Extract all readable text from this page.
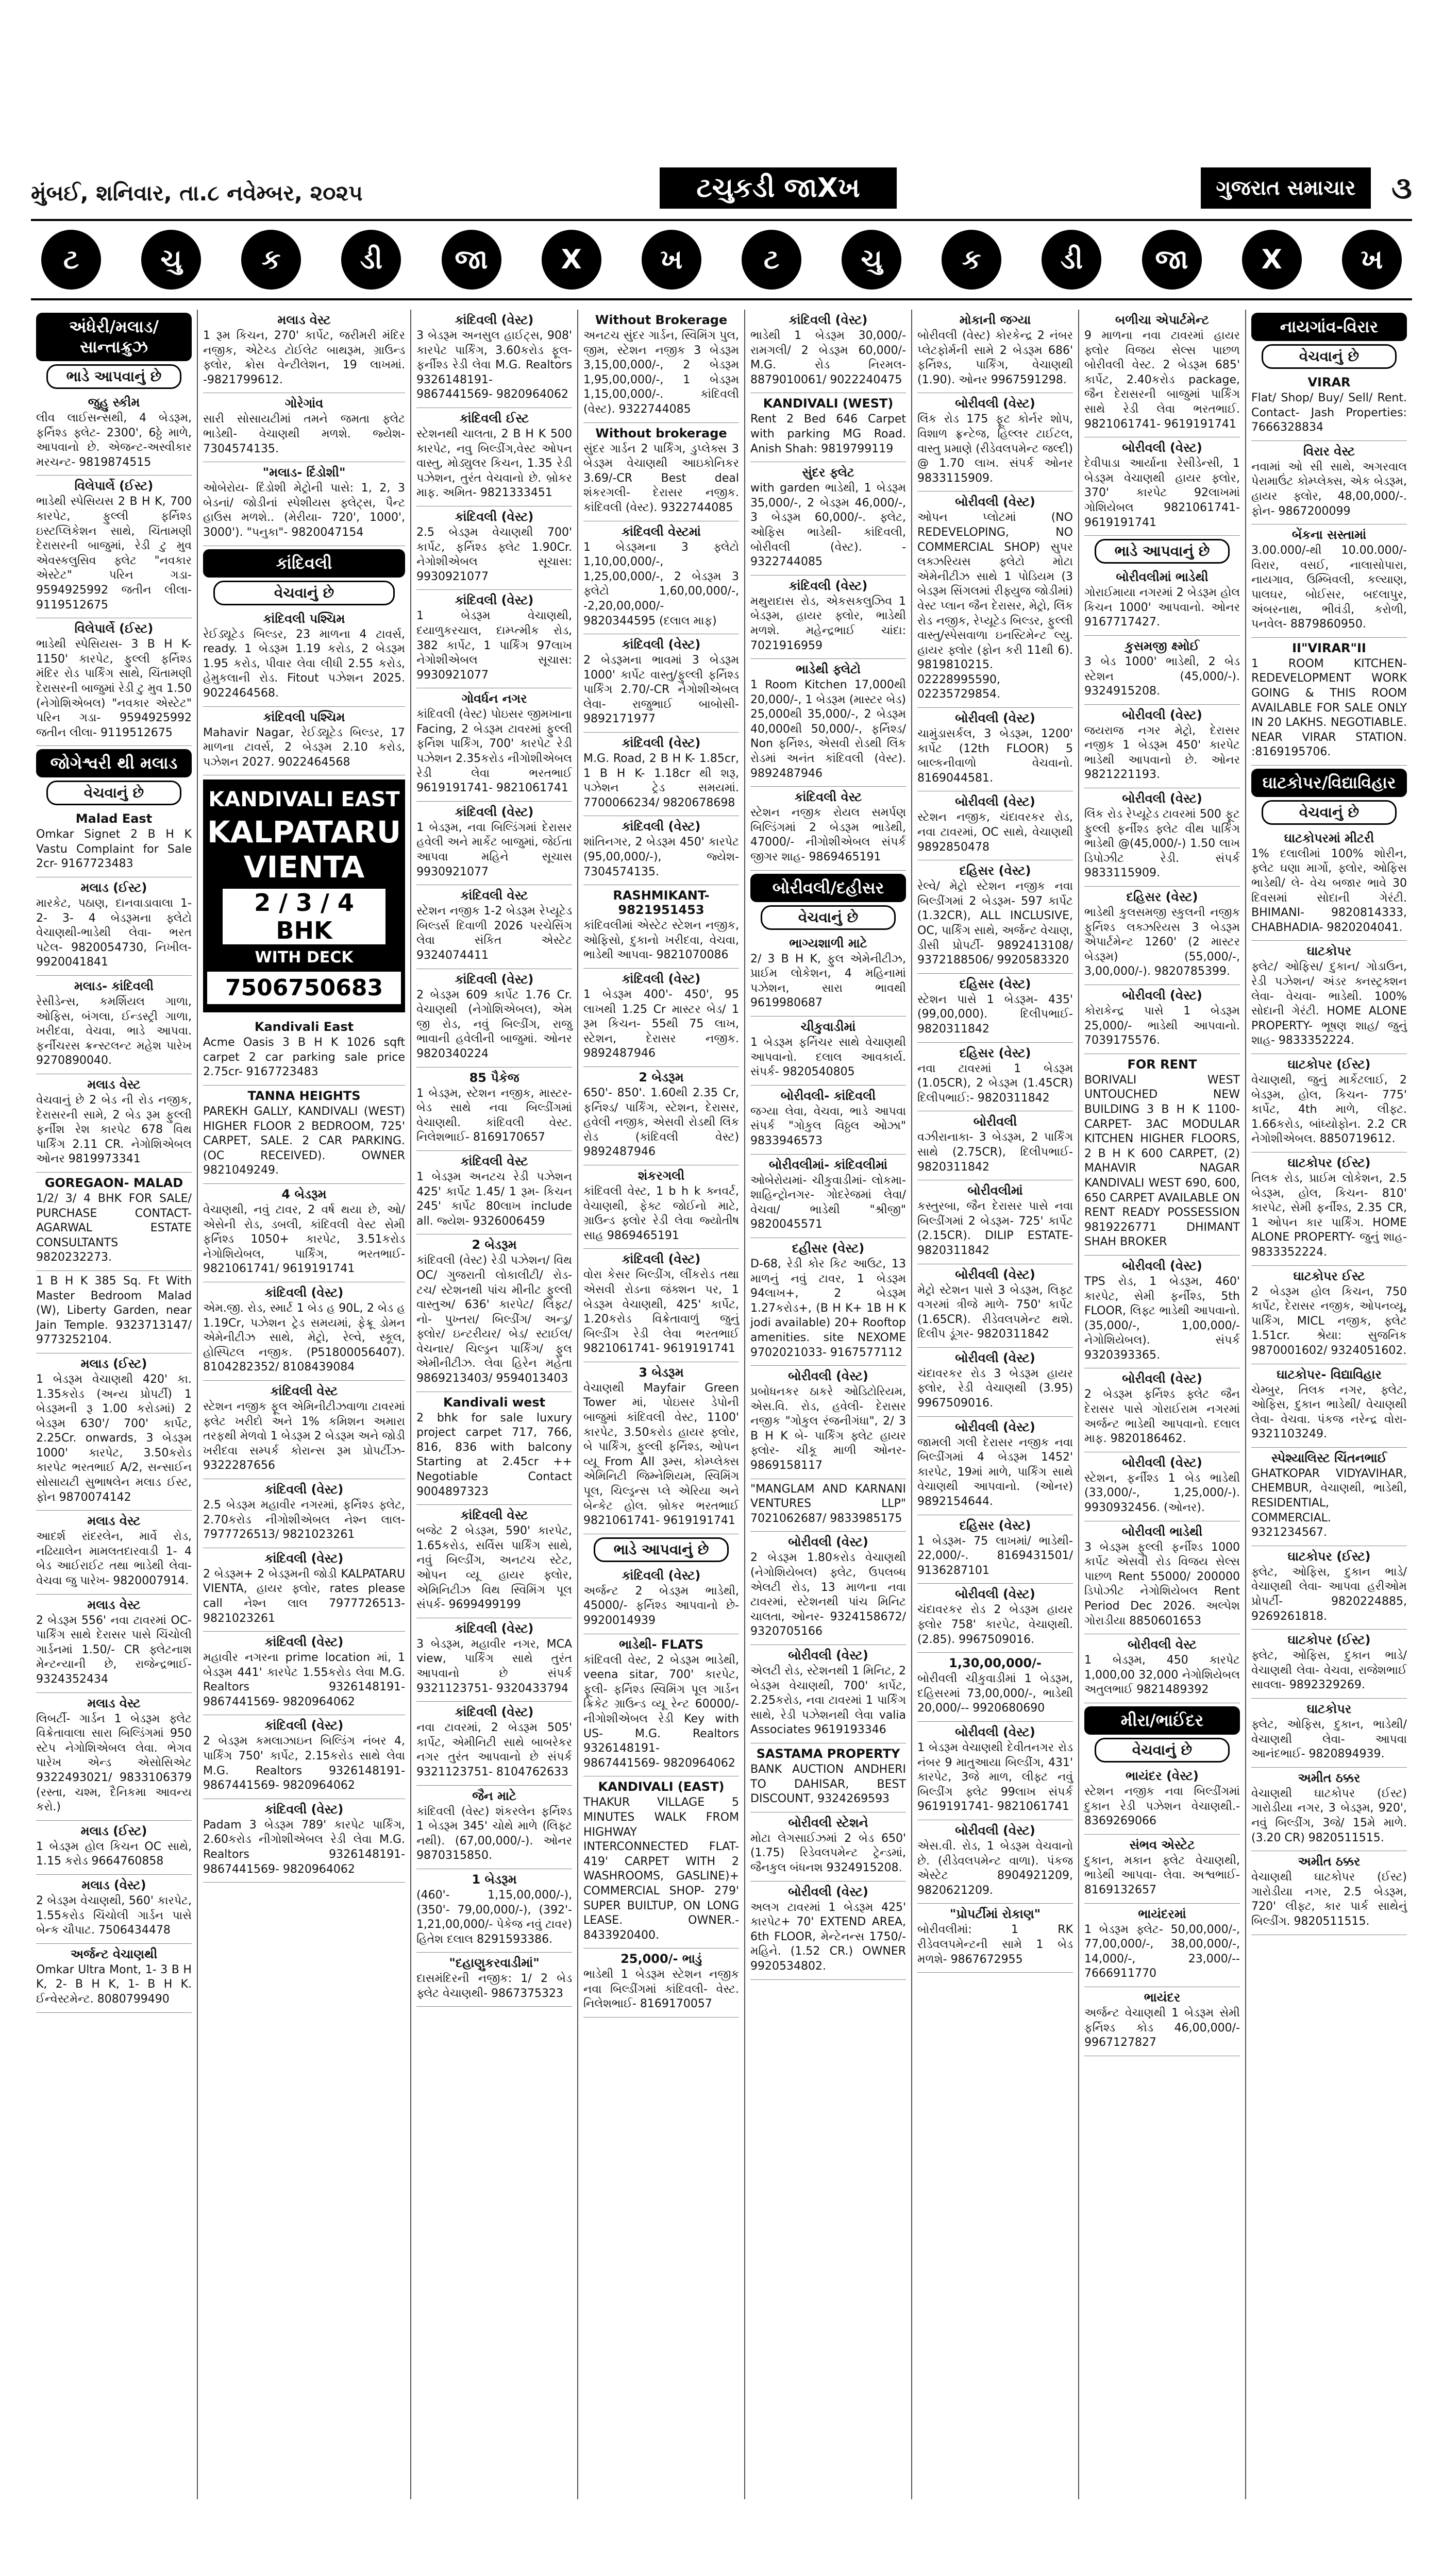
મુંબઈ, શનિવાર, તા.૮ નવેમ્બર, ૨૦૨૫	ટચુકડી જાXખ	ગુજરાત સમાચાર	૩
ટ	ચુ	ક	ડી	જા	X	ખ	ટ	ચુ	ક	ડી	જા	X	ખ
અંધેરી/મલાડ/સાન્તાક્રુઝ
ભાડે આપવાનું છે
જુહુ સ્કીમ
લીવ લાઈસન્સથી, 4 બેડરૂમ, ફર્નિશ્ડ ફ્લેટ- 2300', 6ઠ્ઠે માળે, આપવાનો છે. એજન્ટ-અસ્વીકાર મરચન્ટ- 9819874515
વિલેપાર્લે (ઈસ્ટ)
ભાડેથી સ્પેસિયસ 2 B H K, 700 કારપેટ, ફુલ્લી ફર્નિશ્ડ ઇસ્ટપ્લિકેશન સાથે, ચિંતામણી દેરાસરની બાજુમાં, રેડી ટુ મુવ એવસ્કલુસિવ ફ્લેટ "નવકાર એસ્ટેટ" પરિન ગડા- 9594925992 જતીન લીલા- 9119512675
વિલેપાર્લે (ઈસ્ટ)
ભાડેથી સ્પેસિયસ- 3 B H K- 1150' કારપેટ, ફુલ્લી ફર્નિશ્ડ મંદિર રોડ પાર્કિંગ સાથે, ચિંતામણી દેરાસરની બાજુમાં રેડી ટુ મુવ 1.50 (નેગોશિએબલ) "નવકાર એસ્ટેટ" પરિન ગડા- 9594925992 જતીન લીલા- 9119512675
જોગેશ્વરી થી મલાડ
વેચવાનું છે
Malad East
Omkar Signet 2 B H K Vastu Complaint for Sale 2cr- 9167723483
મલાડ (ઈસ્ટ)
મારકેટ, પઠાણ, દાનવાડાવાલા 1- 2- 3- 4 બેડરૂમના ફ્લેટો વેચાણથી-ભાડેથી લેવા- ભરત પટેલ- 9820054730, નિખીલ- 9920041841
મલાડ- કાંદિવલી
રેસીડેન્સ, કમર્શિયલ ગાળા, ઓફિસ, બંગલા, ઈન્ડસ્ટ્રી ગાળા, ખરીદવા, વેચવા, ભાડે આપવા. ફર્નીચરસ ક્રન્સ્ટલન્ટ મહેશ પારેખ 9270890040.
મલાડ વેસ્ટ
વેચવાનું છે 2 બેડ ની રોડ નજીક, દેરાસરની સામે, 2 બેડ રૂમ ફુલ્લી ફર્નીશ રેશ કારપેટ 678 વિથ પાર્કિંગ 2.11 CR. નેગોશિએબલ ઓનર 9819973341
GOREGAON- MALAD
1/2/ 3/ 4 BHK FOR SALE/ PURCHASE CONTACT- AGARWAL ESTATE CONSULTANTS 9820232273.
1 B H K 385 Sq. Ft With Master Bedroom Malad (W), Liberty Garden, near Jain Temple. 9323713147/ 9773252104.
મલાડ (ઈસ્ટ)
1 બેડરૂમ વેચાણથી 420' કા. 1.35કરોડ (અન્ય પ્રોપર્ટી) 1 બેડરૂમની રૂ 1.00 કરોડમાં) 2 બેડરૂમ 630'/ 700' કાર્પેટ, 2.25Cr. onwards, 3 બેડરૂમ 1000' કારપેટ, 3.50કરોડ કારપેટ ભરતભાઈ A/2, સન્સાઈન સોસાયટી સુભાષલેન મલાડ ઈસ્ટ, ફોન 9870074142
મલાડ વેસ્ટ
આદર્શ રાંદરલેન, માર્વે રોડ, નઢિયાલેન મામલતદારવાડી 1- 4 બેડ આઈરાઈટ તથા ભાડેથી લેવા- વેચવા જુ પારેખ- 9820007914.
મલાડ વેસ્ટ
2 બેડરૂમ 556' નવા ટાવરમાં OC- પાર્કિંગ સાથે દેરાસર પાસે ચિંચોલી ગાર્ડનમાં 1.50/- CR ફ્લેટનાશ મેન્ટન્યાની છે, રાજેન્દ્રભાઈ- 9324352434
મલાડ વેસ્ટ
લિબર્ટી- ગાર્ડન 1 બેડરૂમ ફ્લેટ વિક્રેતાવાલા સારા બિલ્ડિંગમાં 950 સ્ટેપ નેગોશિએબલ લેવા. ભેગવ પારેખ એન્ડ એસોસિએટ 9322493021/ 9833106379 (રસ્તા, ચશ્મ, દૈનિકમા આવન્ય કરો.)
મલાડ (ઈસ્ટ)
1 બેડરૂમ હોલ કિચન OC સાથે, 1.15 કરોડ 9664760858
મલાડ (વેસ્ટ)
2 બેડરૂમ વેચાણથી, 560' કારપેટ, 1.55કરોડ ચિંચોલી ગાર્ડન પાસે બેન્ક ચૌપાટ. 7506434478
અર્જન્ટ વેચાણથી
Omkar Ultra Mont, 1- 3 B H K, 2- B H K, 1- B H K. ઈન્વેસ્ટમેન્ટ. 8080799490
મલાડ વેસ્ટ
1 રૂમ કિચન, 270' કાર્પેટ, જરીમરી મંદિર નજીક, એટેચ્ડ ટોઈલેટ બાથરૂમ, ગ્રાઉન્ડ ફ્લોર, ક્રોસ વેન્ટીલેશન, 19 લાખમાં. -9821799612.
ગોરેગાંવ
સારી સોસાયટીમાં તમને જમતા ફ્લેટ ભાડેથી- વેચાણથી મળશે. જ્યેશ- 7304574135.
"મલાડ- દિંડોશી"
ઓબેરોય- દિંડોશી મેટ્રોની પાસે: 1, 2, 3 બેડનાં/ જોડીનાં સ્પેશીયસ ફ્લેટ્સ, પૈન્ટ હાઉસ મળશે.. (મેરીયા- 720', 1000', 3000'). "પનુકા"- 9820047154
કાંદિવલી
વેચવાનું છે
કાંદિવલી પશ્ચિમ
રેઈડ્યૂટેડ બિલ્ડર, 23 માળના 4 ટાવર્સ, ready. 1 બેડરૂમ 1.19 કરોડ, 2 બેડરૂમ 1.95 કરોડ, પીવાર લેવા લીધી 2.55 કરોડ, હેમુકલાની રોડ. Fitout પઝેશન 2025. 9022464568.
કાંદિવલી પશ્ચિમ
Mahavir Nagar, રેઈડ્યૂટેડ બિલ્ડર, 17 માળના ટાવર્સ, 2 બેડરૂમ 2.10 કરોડ, પઝેશન 2027. 9022464568
KANDIVALI EAST
KALPATARU VIENTA
2 / 3 / 4 BHK
WITH DECK
7506750683
Kandivali East
Acme Oasis 3 B H K 1026 sqft carpet 2 car parking sale price 2.75cr- 9167723483
TANNA HEIGHTS
PAREKH GALLY, KANDIVALI (WEST) HIGHER FLOOR 2 BEDROOM, 725' CARPET, SALE. 2 CAR PARKING. (OC RECEIVED). OWNER 9821049249.
4 બેડરૂમ
વેચાણથી, નવું ટાવર, 2 વર્ષ થયા છે, ઓ/ એસેની રોડ, ડબલી, કાંદિવલી વેસ્ટ સેમી ફર્નિશ્ડ 1050+ કારપેટ, 3.51કરોડ નેગોશિયેબલ, પાર્કિંગ, ભરતભાઈ- 9821061741/ 9619191741
કાંદિવલી (વેસ્ટ)
એમ.જી. રોડ, સ્માર્ટ 1 બેડ હ 90L, 2 બેડ હ 1.19Cr, પઝેશન ટ્રેડ સમયમાં, ફેક્રૂ ડોમન એમેનીટીઝ સાથે, મેટ્રો, રેલ્વે, સ્કૂલ, હોસ્પિટલ નજીક. (P51800056407). 8104282352/ 8108439084
કાંદિવલી વેસ્ટ
સ્ટેશન નજીક ફૂલ એમિનીટીઝવાળા ટાવરમાં ફ્લેટ ખરીદો અને 1% કમિશન અમારા તરફથી મેળવો 1 બેડરૂમ 2 બેડરૂમ અને જોડી ખરીદવા સમ્પર્ક કોરાન્સ રૂમ પ્રોપર્ટીઝ- 9322287656
કાંદિવલી (વેસ્ટ)
2.5 બેડરૂમ મહાવીર નગરમાં, ફર્નિશ્ડ ફ્લેટ, 2.70કરોડ નીગોશીએબલ નેશ્ન લાલ- 7977726513/ 9821023261
કાંદિવલી (વેસ્ટ)
2 બેડરૂમ+ 2 બેડરૂમની જોડી KALPATARU VIENTA, હાયર ફ્લોર, rates please call નેશ્ન લાલ 7977726513- 9821023261
કાંદિવલી (વેસ્ટ)
મહાવીર નગરના prime location માં, 1 બેડરૂમ 441' કારપેટ 1.55કરોડ લેવા M.G. Realtors 9326148191- 9867441569- 9820964062
કાંદિવલી (વેસ્ટ)
2 બેડરૂમ કમલાઝાઇન બિલ્ડિંગ નંબર 4, પાર્કિંગ 750' કાર્પેટ, 2.15કરોડ સાથે લેવા M.G. Realtors 9326148191- 9867441569- 9820964062
કાંદિવલી (વેસ્ટ)
Padam 3 બેડરૂમ 789' કારપેટ પાર્કિંગ, 2.60કરોડ નીગોશીએબલ રેડી લેવા M.G. Realtors 9326148191- 9867441569- 9820964062
કાંદિવલી (વેસ્ટ)
3 બેડરૂમ અનસુલ હાઈટ્સ, 908' કારપેટ પાર્કિંગ, 3.60કરોડ ફૂલ- ફર્નીશ્ડ રેડી લેવા M.G. Realtors 9326148191- 9867441569- 9820964062
કાંદિવલી ઈસ્ટ
સ્ટેશનથી ચાલતા, 2 B H K 500 કારપેટ, નવુ બિલ્ડીંગ,વેસ્ટ ઓપન વાસ્તુ, મોડ્યુલર કિચન, 1.35 રેડી પઝેશન, તુરંત વેચવાનો છે. બ્રોકર માફ. અમિત- 9821333451
કાંદિવલી (વેસ્ટ)
2.5 બેડરૂમ વેચાણથી 700' કાર્પેટ, ફર્નિશ્ડ ફ્લેટ 1.90Cr. નેગોશીએબલ સૂચાસ: 9930921077
કાંદિવલી (વેસ્ટ)
1 બેડરૂમ વેચાણથી, દયાળુકરચાલ, દામ્પ્ત્મીક રોડ, 382 કાર્પેટ, 1 પાર્કિંગ 97લાખ નેગોશીએબલ સૂચાસ: 9930921077
ગોવર્ધન નગર
કાંદિવલી (વેસ્ટ) પોઇસર જીમખાના Facing, 2 બેડરૂમ ટાવરમાં ફુલ્લી ફર્નિશ પાર્કિંગ, 700' કારપેટ રેડી પઝેશન 2.35કરોડ નીગોશીએબલ રેડી લેવા ભરતભાઈ 9619191741- 9821061741
કાંદિવલી (વેસ્ટ)
1 બેડરૂમ, નવા બિલ્ડિંગમાં દેરાસર હવેલી અને માર્કેટ બાજુમાં, જેઈતા આપવા મહિને સૂચાસ 9930921077
કાંદિવલી વેસ્ટ
સ્ટેશન નજીક 1-2 બેડરૂમ રેપ્યૂટેડ બિલ્ડર્સ દિવાળી 2026 પરચેસિંગ લેવા સંકિત એસ્ટેટ 9324074411
કાંદિવલી (વેસ્ટ)
2 બેડરૂમ 609 કાર્પેટ 1.76 Cr. વેચાણથી (નેગોશિએબલ), એમ જી રોડ, નવું બિલ્ડીંગ, રાજુ ભાવાની હવેલીની બાજુમાં. ઓનર 9820340224
85 પૈકેજ
1 બેડરૂમ, સ્ટેશન નજીક, માસ્ટર- બેડ સાથે નવા બિલ્ડીંગમાં વેચાણથી. કાંદિવલી વેસ્ટ. નિલેશભાઈ- 8169170657
કાંદિવલી વેસ્ટ
1 બેડરૂમ અનટચ રેડી પઝેશન 425' કાર્પેટ 1.45/ 1 રૂમ- કિચન 245' કાર્પેટ 80લાખ include all. જ્યેશ- 9326006459
2 બેડરૂમ
કાંદિવલી (વેસ્ટ) રેડી પઝેશન/ વિથ OC/ ગુજરાતી લોકાલીટી/ રોડ-ટચ/ સ્ટેશનથી પાંચ મીનીટ ફુલ્લી વાસ્તુઅ/ 636' કારપેટ/ લિફ્ટ/ નો- પુખ્તરા/ બિલ્ડીંગ/ અન્ડ્ર/ ફ્લોર/ ઇન્ટરીયર/ બેડ/ સ્ટાઈલ/ વેચનાર/ ચિલ્ડ્રન પાર્કિંગ/ ફુલ એમીનીટીઝ. લેવા હિરેન મહેતા 9869213403/ 9594013403
Kandivali west
2 bhk for sale luxury project carpet 717, 766, 816, 836 with balcony Starting at 2.45cr ++ Negotiable Contact 9004897323
કાંદિવલી વેસ્ટ
બજેટ 2 બેડરૂમ, 590' કારપેટ, 1.65કરોડ, સર્વિસ પાર્કિંગ સાથે, નવું બિલ્ડીંગ, અનટચ સ્ટેટ, ઓપન વ્યૂ હાયર ફ્લોર, એમિનિટીઝ વિથ સ્વિમિંગ પૂલ સંપર્ક- 9699499199
કાંદિવલી (વેસ્ટ)
3 બેડરૂમ, મહાવીર નગર, MCA view, પાર્કિંગ સાથે તુરંત આપવાનો છે સંપર્ક 9321123751- 9320433794
કાંદિવલી (વેસ્ટ)
નવા ટાવરમાં, 2 બેડરૂમ 505' કાર્પેટ, એમીનિટી સાથે બાબરેકર નગર તુરંત આપવાનો છે સંપર્ક 9321123751- 8104762633
જૈન માટે
કાંદિવલી (વેસ્ટ) શંકરલેન ફર્નિશ્ડ 1 બેડરૂમ 345' ચોથે માળે (લિફ્ટ નથી). (67,00,000/-). ઓનર 9870315850.
1 બેડરૂમ
(460'- 1,15,00,000/-), (350'- 79,00,000/-), (392'- 1,21,00,000/- પેકેજ નવું ટાવર) હિતેશ દલાલ 8291593386.
"દહાણુકરવાડીમાં"
દાસમંદિરની નજીક: 1/ 2 બેડ ફ્લેટ વેચાણથી- 9867375323
Without Brokerage
અનટચ સુંદર ગાર્ડન, સ્વિમિંગ પુલ, જીમ, સ્ટેશન નજીક 3 બેડરૂમ 3,15,00,000/-, 2 બેડરૂમ 1,95,00,000/-, 1 બેડરૂમ 1,15,00,000/-. કાંદિવલી (વેસ્ટ). 9322744085
Without brokerage
સુંદર ગાર્ડન 2 પાર્કિંગ, ડુપ્લેક્સ 3 બેડરૂમ વેચાણથી આઇકોનિકર 3.69/-CR Best deal શંકરગલી- દેરાસર નજીક. કાંદિવલી (વેસ્ટ). 9322744085
કાંદિવલી વેસ્ટમાં
1 બેડરૂમના 3 ફ્લેટો 1,10,00,000/-, 1,25,00,000/-, 2 બેડરૂમ 3 ફ્લેટો 1,60,00,000/-, -2,20,00,000/- 9820344595 (દલાલ માફ)
કાંદિવલી (વેસ્ટ)
2 બેડરૂમના ભાવમાં 3 બેડરૂમ 1000' કાર્પેટ વાસ્તુ/ફુલ્લી ફર્નિશ્ડ પાર્કિંગ 2.70/-CR નેગોશીએબલ લેવા- રાજુભાઈ બાબોસી- 9892171977
કાંદિવલી (વેસ્ટ)
M.G. Road, 2 B H K- 1.85cr, 1 B H K- 1.18cr થી શરૂ, પઝેશન ટ્રેડ સમયમાં. 7700066234/ 9820678698
કાંદિવલી (વેસ્ટ)
શાંતિનગર, 2 બેડરૂમ 450' કારપેટ (95,00,000/-), જ્યેશ- 7304574135.
RASHMIKANT- 9821951453
કાંદિવલીમાં એસ્ટેટ સ્ટેશન નજીક, ઓફિસો, દુકાનો ખરીદવા, વેચવા, ભાડેથી આપવા- 9821070086
કાંદિવલી (વેસ્ટ)
1 બેડરૂમ 400'- 450', 95 લાખથી 1.25 Cr માસ્ટર બેડ/ 1 રૂમ કિચન- 55થી 75 લાખ, સ્ટેશન, દેરાસર નજીક. 9892487946
2 બેડરૂમ
650'- 850'. 1.60થી 2.35 Cr, ફર્નિશ્ડ/ પાર્કિંગ, સ્ટેશન, દેરાસર, હવેલી નજીક, એસવી રોડથી લિંક રોડ (કાંદિવલી વેસ્ટ) 9892487946
શંકરગલી
કાંદિવલી વેસ્ટ, 1 b h k ક્નવર્ટ, વેચાણથી, ફેક્ટ જોઈનો માટે, ગ્રાઉન્ડ ફ્લોર રેડી લેવા જ્યોતીષ સાહ 9869465191
કાંદિવલી (વેસ્ટ)
વોરા કેસર બિલ્ડીંગ, લીંકરોડ તથા એસવી રોડના જંક્શન પર, 1 બેડરૂમ વેચાણથી, 425' કાર્પેટ, 1.20કરોડ વિક્રેતાવાળું જુનું બિલ્ડીંગ રેડી લેવા ભરતભાઈ 9821061741- 9619191741
3 બેડરૂમ
વેચાણથી Mayfair Green Tower માં, પોઇસર ડેપોની બાજુમાં કાંદિવલી વેસ્ટ, 1100' કારપેટ, 3.50કરોડ હાયર ફ્લોર, બે પાર્કિંગ, ફુલ્લી ફર્નિશ્ડ, ઓપન વ્યૂ From All રૂમ્સ, કોમ્પ્લેક્સ એમિનિટી જિમ્નેશિયમ, સ્વિમિંગ પૂલ, ચિલ્ડ્રન્સ પ્લે એરિયા અને બેન્કેટ હોલ. બ્રોકર ભરતભાઈ 9821061741- 9619191741
ભાડે આપવાનું છે
કાંદિવલી (વેસ્ટ)
અર્જન્ટ 2 બેડરૂમ ભાડેથી, 45000/- ફર્નિશ્ડ આપવાનો છે- 9920014939
ભાડેથી- FLATS
કાંદિવલી વેસ્ટ, 2 બેડરૂમ ભાડેથી, veena sitar, 700' કારપેટ, ફૂલી- ફર્નિશ્ડ સ્વિમિંગ પૂલ ગાર્ડન ક્રિકેટ ગ્રાઉન્ડ વ્યૂ રેન્ટ 60000/- નીગોશીએબલ રેડી Key with US- M.G. Realtors 9326148191- 9867441569- 9820964062
KANDIVALI (EAST)
THAKUR VILLAGE 5 MINUTES WALK FROM HIGHWAY INTERCONNECTED FLAT- 419' CARPET WITH 2 WASHROOMS, GASLINE)+ COMMERCIAL SHOP- 279' SUPER BUILTUP, ON LONG LEASE. OWNER.- 8433920400.
25,000/- ભાડું
ભાડેથી 1 બેડરૂમ સ્ટેશન નજીક નવા બિલ્ડીંગમાં કાંદિવલી- વેસ્ટ. નિલેશભાઈ- 8169170057
કાંદિવલી (વેસ્ટ)
ભાડેથી 1 બેડરૂમ 30,000/- રામગલી/ 2 બેડરૂમ 60,000/- M.G. રોડ નિરમલ- 8879010061/ 9022240475
KANDIVALI (WEST)
Rent 2 Bed 646 Carpet with parking MG Road. Anish Shah: 9819799119
સુંદર ફ્લેટ
with garden ભાડેથી, 1 બેડરૂમ 35,000/-, 2 બેડરૂમ 46,000/-, 3 બેડરૂમ 60,000/-. ફ્લેટ, ઓફિસ ભાડેથી- કાંદિવલી, બોરીવલી (વેસ્ટ). - 9322744085
કાંદિવલી (વેસ્ટ)
મથુરાદાસ રોડ, એકસકલુઝિવ 1 બેડરૂમ, હાયર ફ્લોર, ભાડેથી મળશે. મહેન્દ્રભાઈ ચાંદા: 7021916959
ભાડેથી ફ્લેટો
1 Room Kitchen 17,000થી 20,000/-, 1 બેડરૂમ (માસ્ટર બેડ) 25,000થી 35,000/-, 2 બેડરૂમ 40,000થી 50,000/-, ફર્નિશ્ડ/ Non ફર્નિશ્ડ, એસવી રોડથી લિંક રોડમાં અનંત કાંદિવલી (વેસ્ટ). 9892487946
કાંદિવલી વેસ્ટ
સ્ટેશન નજીક રોયલ સમર્પણ બિલ્ડિંગમાં 2 બેડરૂમ ભાડેથી, 47000/- નીગોશીએબલ સંપર્ક જીગર શાહ- 9869465191
બોરીવલી/દહીસર
વેચવાનું છે
ભાગ્યશાળી માટે
2/ 3 B H K, ફુલ એમેનીટીઝ, પ્રાઈમ લોકેશન, 4 મહિનામાં પઝેશન, સારા ભાવથી 9619980687
ચીકુવાડીમાં
1 બેડરૂમ ફર્નિચર સાથે વેચાણથી આપવાનો. દલાલ આવકાર્ય. સંપર્ક- 9820540805
બોરીવલી- કાંદિવલી
જગ્યા લેવા, વેચવા, ભાડે આપવા સંપર્ક "ગોકુલ વિઠ્ઠલ ઓઝા" 9833946573
બોરીવલીમાં- કાંદિવલીમાં
ઓબેરોયમાં- ચીકુવાડીમાં- લોકમા- શાહિન્ટ્રોનગર- ગોદરેજમાં લેવા/ વેચવા/ ભાડેથી "શ્રીજી" 9820045571
દહીસર (વેસ્ટ)
D-68, રેડી કોર કિટ આઉટ, 13 માળનું નવું ટાવર, 1 બેડરૂમ 94લાખ+, 2 બેડરૂમ 1.27કરોડ+, (B H K+ 1B H K jodi available) 20+ Rooftop amenities. site NEXOME 9702021033- 9167577112
બોરીવલી (વેસ્ટ)
પ્રબોધનકર ઠાકરે ઓડિટોરિયમ, એસ.વિ. રોડ, હવેલી- દેરાસર નજીક "ગોકુલ રંજનીગંધા", 2/ 3 B H K બે- પાર્કિંગ ફ્લેટ હાયર ફ્લોર- ચીકૂ માળી ઓનર- 9869158117
"MANGLAM AND KARNANI VENTURES LLP" 7021062687/ 9833985175
બોરીવલી (વેસ્ટ)
2 બેડરૂમ 1.80કરોડ વેચાણથી (નેગોશિયેબલ) ફ્લેટ, ઉપલબ્ધ એલટી રોડ, 13 માળના નવા ટાવરમાં, સ્ટેશનથી પાંચ મિનિટ ચાલતા, ઓનર- 9324158672/ 9320705166
બોરીવલી (વેસ્ટ)
એલટી રોડ, સ્ટેશનથી 1 મિનિટ, 2 બેડરૂમ વેચાણથી, 700' કાર્પેટ, 2.25કરોડ, નવા ટાવરમાં 1 પાર્કિંગ સાથે, રેડી પઝેશનથી લેવા valia Associates 9619193346
SASTAMA PROPERTY
BANK AUCTION ANDHERI TO DAHISAR, BEST DISCOUNT, 9324269593
બોરીવલી સ્ટેશને
મોટા લેગસાઈઝમાં 2 બેડ 650' (1.75) રિડેવલપમેન્ટ ટ્રેન્ડમાં, જૈનકુલ બંધનશ 9324915208.
બોરીવલી (વેસ્ટ)
અલગ ટાવરમાં 1 બેડરૂમ 425' કારપેટ+ 70' EXTEND AREA, 6th FLOOR, મેન્ટેનન્સ 1750/- મહિને. (1.52 CR.) OWNER 9920534802.
મોકાની જગ્યા
બોરીવલી (વેસ્ટ) કોરકેન્દ્ર 2 નંબર પ્લેટફોર્મની સામે 2 બેડરૂમ 686' ફર્નિશ્ડ, પાર્કિંગ, વેચાણથી (1.90). ઓનર 9967591298.
બોરીવલી (વેસ્ટ)
લિંક રોડ 175 ફૂટ કોર્નર શોપ, વિશાળ ફ્રન્ટેજ, હિલ્લર ટાઈટલ, વાસ્તુ પ્રમાણે (રીડેવલપમેન્ટ જલ્દી) @ 1.70 લાખ. સંપર્ક ઓનર 9833115909.
બોરીવલી (વેસ્ટ)
ઓપન પ્લોટમાં (NO REDEVELOPING, NO COMMERCIAL SHOP) સુપર લક્ઝરિયસ ફ્લેટો મોટા એમેનીટીઝ સાથે 1 પોડિયમ (3 બેડરૂમ સિંગલમાં રીફ્યુજ જોડીમાં) વેસ્ટ પ્લાન જૈન દેરાસર, મેટ્રો, લિંક રોડ નજીક, રેપ્યૂટેડ બિલ્ડર, ફુલ્લી વાસ્તુ/સ્પેસવાળા ઇનસ્ટિમેન્ટ લ્યુ. હાયર ફ્લોર (ફોન કરી 11થી 6). 9819810215. 02228995590, 02235729854.
બોરીવલી (વેસ્ટ)
ચામુંડાસર્કલ, 3 બેડરૂમ, 1200' કાર્પેટ (12th FLOOR) 5 બાલ્કનીવાળો વેચવાનો. 8169044581.
બોરીવલી (વેસ્ટ)
સ્ટેશન નજીક, ચંદાવરકર રોડ, નવા ટાવરમાં, OC સાથે, વેચાણથી 9892850478
દહિસર (વેસ્ટ)
રેલ્વે/ મેટ્રો સ્ટેશન નજીક નવા બિલ્ડીંગમાં 2 બેડરૂમ- 597 કાર્પેટ (1.32CR), ALL INCLUSIVE, OC, પાર્કિંગ સાથે, અર્જન્ટ વેચાણ, ડીસી પ્રોપર્ટી- 9892413108/ 9372188506/ 9920583320
દહિસર (વેસ્ટ)
સ્ટેશન પાસે 1 બેડરૂમ- 435' (99,00,000). દિલીપભાઈ- 9820311842
દહિસર (વેસ્ટ)
નવા ટાવરમાં 1 બેડરૂમ (1.05CR), 2 બેડરૂમ (1.45CR) દિલીપભાઈ:- 9820311842
બોરીવલી
વઝીરાનાકા- 3 બેડરૂમ, 2 પાર્કિંગ સાથે (2.75CR), દિલીપભાઈ- 9820311842
બોરીવલીમાં
કસ્તુરબા, જૈન દેરાસર પાસે નવા બિલ્ડીંગમાં 2 બેડરૂમ- 725' કાર્પેટ (2.15CR). DILIP ESTATE- 9820311842
બોરીવલી (વેસ્ટ)
મેટ્રો સ્ટેશન પાસે 3 બેડરૂમ, લિફ્ટ વગરમાં ત્રીજે માળે- 750' કાર્પેટ (1.65CR). રીડેવલપમેન્ટ થશે. દિલીપ ડૂંગર- 9820311842
બોરીવલી (વેસ્ટ)
ચંદાવરકર રોડ 3 બેડરૂમ હાયર ફ્લોર, રેડી વેચાણથી (3.95) 9967509016.
બોરીવલી (વેસ્ટ)
જામલી ગલી દેરાસર નજીક નવા બિલ્ડીંગમાં 4 બેડરૂમ 1452' કારપેટ, 19માં માળે, પાર્કિંગ સાથે વેચાણથી આપવાનો. (ઓનર) 9892154644.
દહિસર (વેસ્ટ)
1 બેડરૂમ- 75 લાખમાં/ ભાડેથી- 22,000/-. 8169431501/ 9136287101
બોરીવલી (વેસ્ટ)
ચંદાવરકર રોડ 2 બેડરૂમ હાયર ફ્લોર 758' કારપેટ, વેચાણથી. (2.85). 9967509016.
1,30,00,000/-
બોરીવલી ચીકુવાડીમાં 1 બેડરૂમ, દહિસરમાં 73,00,000/-, ભાડેથી 20,000/-- 9920680690
બોરીવલી (વેસ્ટ)
1 બેડરૂમ વેચાણથી દેવીતનગર રોડ નંબર 9 માતુઆયા બિલ્ડીંગ, 431' કારપેટ, 3જે માળ, લીફ્ટ નવું બિલ્ડીંગ ફ્લેટ 99લાખ સંપર્ક 9619191741- 9821061741
બોરીવલી (વેસ્ટ)
એસ.વી. રોડ, 1 બેડરૂમ વેચવાનો છે. (રીડેવલપમેન્ટ વાળા). પંકજ એસ્ટેટ 8904921209, 9820621209.
"પ્રોપર્ટીમાં રોકાણ"
બોરીવલીમાં: 1 RK રીડેવલપમેન્ટની સામે 1 બેડ મળશે- 9867672955
બળીચા એપાર્ટમેન્ટ
9 માળના નવા ટાવરમાં હાયર ફ્લોર વિજય સેલ્સ પાછળ બોરીવલી વેસ્ટ. 2 બેડરૂમ 685' કાર્પેટ, 2.40કરોડ package, જૈન દેરાસરની બાજુમાં પાર્કિંગ સાથે રેડી લેવા ભરતભાઈ. 9821061741- 9619191741
બોરીવલી (વેસ્ટ)
દેવીપાડા આર્યાના રેસીડેન્સી, 1 બેડરૂમ વેચાણથી હાયર ફ્લોર, 370' કારપેટ 92લાખમાં ગોશિયેબલ 9821061741- 9619191741
ભાડે આપવાનું છે
બોરીવલીમાં ભાડેથી
ગોરાઈમાયા નગરમાં 2 બેડરૂમ હોલ કિચન 1000' આપવાનો. ઓનર 9167717427.
કુસમજી ક્ષ્મોઈ
3 બેડ 1000' ભાડેથી, 2 બેડ સ્ટેશન (45,000/-). 9324915208.
બોરીવલી (વેસ્ટ)
જયરાજ નગર મેટ્રો, દેરાસર નજીક 1 બેડરૂમ 450' કારપેટ ભાડેથી આપવાનો છે. ઓનર 9821221193.
બોરીવલી (વેસ્ટ)
લિંક રોડ રેપ્યૂટેડ ટાવરમાં 500 ફૂટ ફુલ્લી ફર્નીશ્ડ ફ્લેટ વીથ પાર્કિંગ ભાડેથી @(45,000/-) 1.50 લાખ ડિપોઝીટ રેડી. સંપર્ક 9833115909.
દહિસર (વેસ્ટ)
ભાડેથી કુલસમજી સ્કુલની નજીક ફુર્નિશ્ડ લક્ઝરિયસ 3 બેડરૂમ એપાર્ટમેન્ટ 1260' (2 માસ્ટર બેડરૂમ) (55,000/-, 3,00,000/-). 9820785399.
બોરીવલી (વેસ્ટ)
કોરાકેન્દ્ર પાસે 1 બેડરૂમ 25,000/- ભાડેથી આપવાનો. 7039175576.
FOR RENT
BORIVALI WEST UNTOUCHED NEW BUILDING 3 B H K 1100-CARPET- 3AC MODULAR KITCHEN HIGHER FLOORS, 2 B H K 600 CARPET, (2) MAHAVIR NAGAR KANDIVALI WEST 690, 600, 650 CARPET AVAILABLE ON RENT READY POSSESSION 9819226771 DHIMANT SHAH BROKER
બોરીવલી (વેસ્ટ)
TPS રોડ, 1 બેડરૂમ, 460' કારપેટ, સેમી ફર્નીશ્ડ, 5th FLOOR, લિફ્ટ ભાડેથી આપવાનો. (35,000/-, 1,00,000/- નેગોશિયેબલ). સંપર્ક 9320393365.
બોરીવલી (વેસ્ટ)
2 બેડરૂમ ફર્નિશ્ડ ફ્લેટ જૈન દેરાસર પાસે ગોરાઈરામ નગરમાં અર્જન્ટ ભાડેથી આપવાનો. દલાલ માફ. 9820186462.
બોરીવલી (વેસ્ટ)
સ્ટેશન, ફર્નીશ્ડ 1 બેડ ભાડેથી (33,000/-, 1,25,000/-). 9930932456. (ઓનર).
બોરીવલી ભાડેથી
3 બેડરૂમ ફુલ્લી ફર્નીશ્ડ 1000 કાર્પેટ એસવી રોડ વિજય સેલ્સ પાછળ Rent 55000/ 200000 ડિપોઝીટ નેગોશિયેબલ Rent Period Dec 2026. અલ્પેશ ગોરાડીયા 8850601653
બોરીવલી વેસ્ટ
1 બેડરૂમ, 450 કારપેટ 1,000,00 32,000 નેગોશિયેબલ અતુલભાઈ 9821489392
મીરા/ભાઈંદર
વેચવાનું છે
ભાયંદર (વેસ્ટ)
સ્ટેશન નજીક નવા બિલ્ડીંગમાં દુકાન રેડી પઝેશન વેચાણથી.- 8369269066
સંભવ એસ્ટેટ
દુકાન, મકાન ફ્લેટ વેચાણથી, ભાડેથી આપવા- લેવા. અશ્વભાઈ- 8169132657
ભાયંદરમાં
1 બેડરૂમ ફ્લેટ- 50,00,000/-, 77,00,000/-, 38,00,000/-, 14,000/-, 23,000/-- 7666911770
ભાયંદર
અર્જન્ટ વેચાણથી 1 બેડરૂમ સેમી ફર્નિશ્ડ કોડ 46,00,000/- 9967127827
નાયગાંવ-વિરાર
વેચવાનું છે
VIRAR
Flat/ Shop/ Buy/ Sell/ Rent. Contact- Jash Properties: 7666328834
વિરાર વેસ્ટ
નવામાં ઓ સી સાથે, અગરવાલ પેરામાઉંટ કોમ્પ્લેક્સ, એક બેડરૂમ, હાયર ફ્લોર, 48,00,000/-. ફોન- 9867200099
બેંકના સસ્તામાં
3.00.000/-થી 10.00.000/- વિરાર, વસઈ, નાલાસોપારા, નાયગાવ, ઉમ્બિવલી, કલ્યાણ, પાલઘર, બોઈસર, બદલાપુર, અંબરનાથ, ભીવંડી, કરોળી, પનવેલ- 8879860950.
II"VIRAR"II
1 ROOM KITCHEN- REDEVELOPMENT WORK GOING & THIS ROOM AVAILABLE FOR SALE ONLY IN 20 LAKHS. NEGOTIABLE. NEAR VIRAR STATION. :8169195706.
ઘાટકોપર/વિદ્યાવિહાર
વેચવાનું છે
ઘાટકોપરમાં મીટરી
1% દલાલીમાં 100% શોરીન, ફ્લેટ ઘણા માર્ગો, ફ્લોર, ઓફિસ ભાડેથી/ લે- વેચ બજાર ભાવે 30 દિવસમાં સોદાની ગેરંટી. BHIMANI- 9820814333, CHABHADIA- 9820204041.
ઘાટકોપર
ફ્લેટ/ ઓફિસ/ દુકાન/ ગોડાઉન, રેડી પઝેશન/ અંડર ક્નસ્ટ્રક્શન લેવા- વેચવા- ભાડેથી. 100% સોદાની ગેરંટી. HOME ALONE PROPERTY- ભૂષણ શાહ/ જુનું શાહ- 9833352224.
ઘાટકોપર (ઈસ્ટ)
વેચાણથી, જુનું માર્કેટલાઈ, 2 બેડરૂમ, હોલ, કિચન- 775' કાર્પેટ, 4th માળે, લીફ્ટ. 1.66કરોડ, બાંધ્યોફોન. 2.2 CR નેગોશીએબલ. 8850719612.
ઘાટકોપર (ઈસ્ટ)
તિલક રોડ, પ્રાઈમ લોકેશન, 2.5 બેડરૂમ, હોલ, કિચન- 810' કારપેટ, સેમી ફર્નીશ્ડ, 2.35 CR, 1 ઓપન કાર પાર્કિંગ. HOME ALONE PROPERTY- જુનું શાહ- 9833352224.
ઘાટકોપર ઈસ્ટ
2 બેડરૂમ હોલ કિચન, 750 કાર્પેટ, દેરાસર નજીક, ઓપનવ્યૂ, પાર્કિંગ, MICL નજીક, ફ્લેટ 1.51cr. શ્રેયા: સુજનિક 9870001602/ 9324051602.
ઘાટકોપર- વિદ્યાવિહાર
ચેમ્બુર, તિલક નગર, ફ્લેટ, ઓફિસ, દુકાન ભાડેથી/ વેચાણથી લેવા- વેચવા. પંકજ નરેન્દ્ર વોરા- 9321103249.
સ્પેશ્યાલિસ્ટ ચિંતનભાઈ
GHATKOPAR VIDYAVIHAR, CHEMBUR, વેચાણથી, ભાડેથી, RESIDENTIAL, COMMERCIAL. 9321234567.
ઘાટકોપર (ઈસ્ટ)
ફ્લેટ, ઓફિસ, દુકાન ભાડે/ વેચાણથી લેવા- આપવા હરીઓમ પ્રોપર્ટી- 9820224885, 9269261818.
ઘાટકોપર (ઈસ્ટ)
ફ્લેટ, ઓફિસ, દુકાન ભાડે/ વેચાણથી લેવા- વેચવા, રાજેશભાઈ સાવલા- 9892329269.
ઘાટકોપર
ફ્લેટ, ઓફિસ, દુકાન, ભાડેથી/ વેચાણથી લેવા- આપવા આનંદભાઈ- 9820894939.
અમીત ઠક્કર
વેચાણથી ઘાટકોપર (ઈસ્ટ) ગારોડીયા નગર, 3 બેડરૂમ, 920', નવું બિલ્ડીંગ, 3જે/ 15મે માળે. (3.20 CR) 9820511515.
અમીત ઠક્કર
વેચાણથી ઘાટકોપર (ઈસ્ટ) ગારોડીયા નગર, 2.5 બેડરૂમ, 720' લીફ્ટ, કાર પાર્ક સાથેનું બિલ્ડીંગ. 9820511515.
